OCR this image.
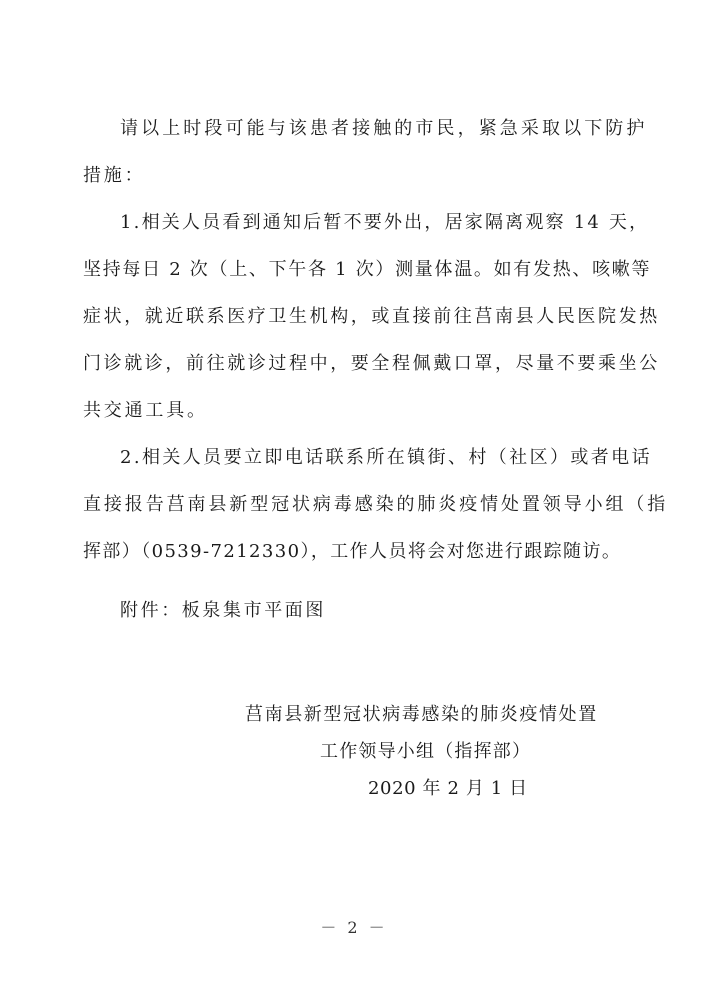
请以上时段可能与该患者接触的市民，紧急采取以下防护
措施：
1.相关人员看到通知后暂不要外出，居家隔离观察 14 天，
坚持每日 2 次（上、下午各 1 次）测量体温。如有发热、咳嗽等
症状，就近联系医疗卫生机构，或直接前往莒南县人民医院发热
门诊就诊，前往就诊过程中，要全程佩戴口罩，尽量不要乘坐公
共交通工具。
2.相关人员要立即电话联系所在镇街、村（社区）或者电话
直接报告莒南县新型冠状病毒感染的肺炎疫情处置领导小组（指
挥部）（0539-7212330），工作人员将会对您进行跟踪随访。
附件：板泉集市平面图
莒南县新型冠状病毒感染的肺炎疫情处置
工作领导小组（指挥部）
2020 年 2 月 1 日
－ 2 －
